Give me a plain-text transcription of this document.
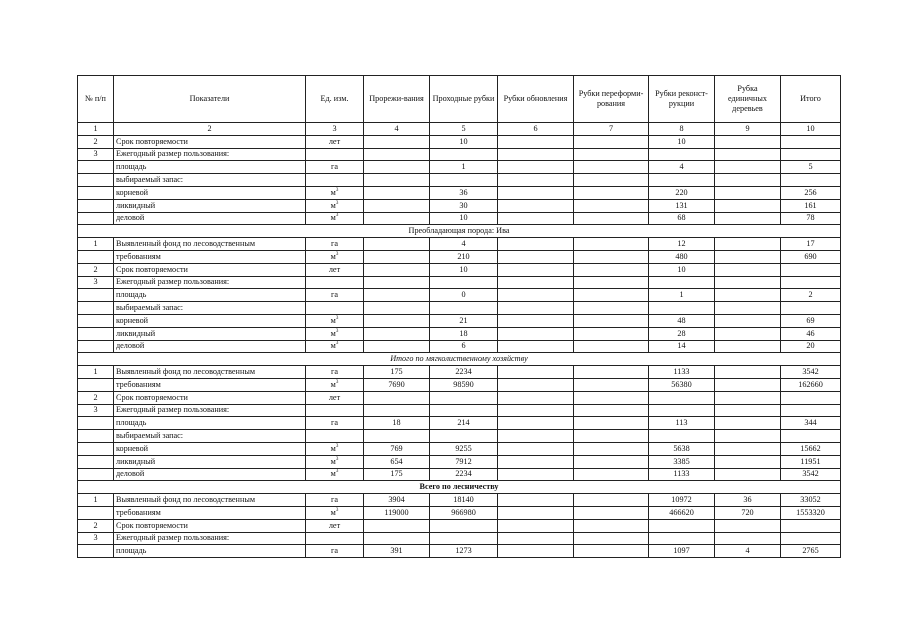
№ п/п	Показатели	Ед. изм.	Прорежи-вания	Проходные рубки	Рубки обновления	Рубки переформи-рования	Рубки реконст-рукции	Рубка единичных деревьев	Итого
1	2	3	4	5	6	7	8	9	10
2	Срок повторяемости	лет		10			10		
3	Ежегодный размер пользования:								
	площадь	га		1			4		5
	выбираемый запас:								
	корневой	$м^3$		36			220		256
	ликвидный	$м^3$		30			131		161
	деловой	$м^3$		10			68		78
Преобладающая порода: Ива									
1	Выявленный фонд по лесоводственным	га		4			12		17
	требованиям	$м^3$		210			480		690
2	Срок повторяемости	лет		10			10		
3	Ежегодный размер пользования:								
	площадь	га		0			1		2
	выбираемый запас:								
	корневой	$м^3$		21			48		69
	ликвидный	$м^3$		18			28		46
	деловой	$м^3$		6			14		20
Итого по мягколиственному хозяйству									
1	Выявленный фонд по лесоводственным	га	175	2234			1133		3542
	требованиям	$м^3$	7690	98590			56380		162660
2	Срок повторяемости	лет							
3	Ежегодный размер пользования:								
	площадь	га	18	214			113		344
	выбираемый запас:								
	корневой	$м^3$	769	9255			5638		15662
	ликвидный	$м^3$	654	7912			3385		11951
	деловой	$м^3$	175	2234			1133		3542
Всего по лесничеству									
1	Выявленный фонд по лесоводственным	га	3904	18140			10972	36	33052
	требованиям	$м^3$	119000	966980			466620	720	1553320
2	Срок повторяемости	лет							
3	Ежегодный размер пользования:								
	площадь	га	391	1273			1097	4	2765
